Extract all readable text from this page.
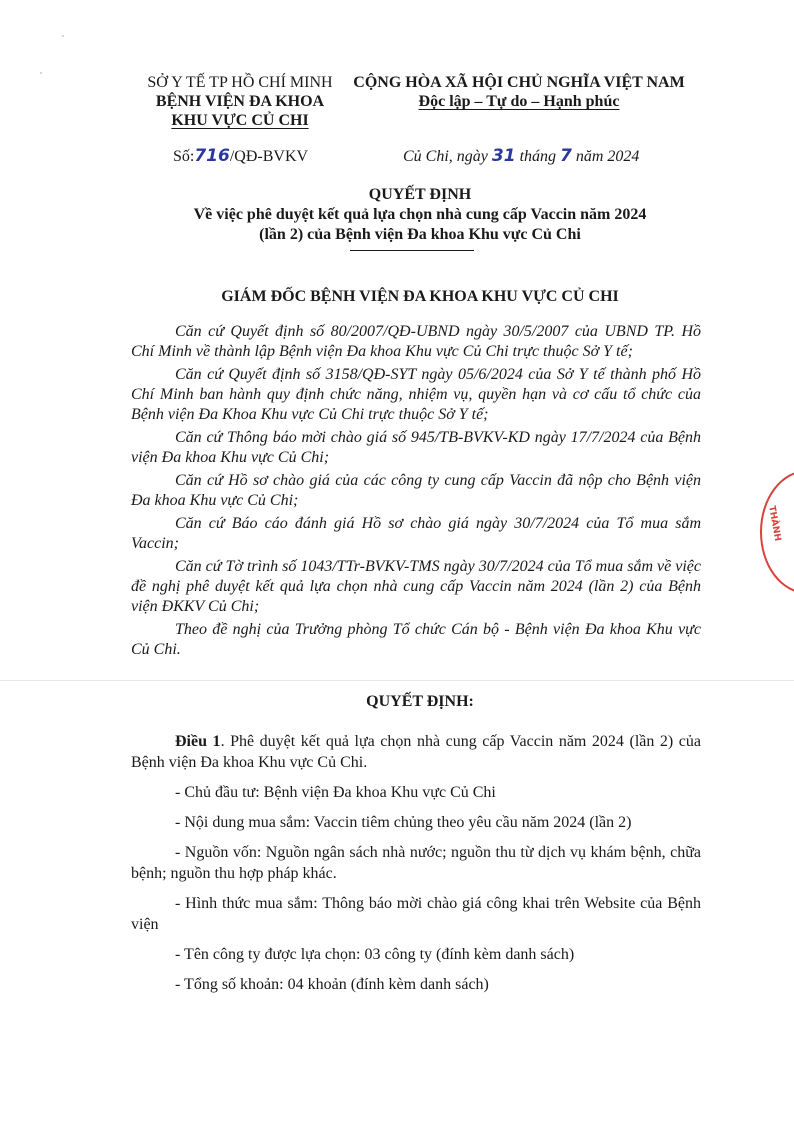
SỞ Y TẾ TP HỒ CHÍ MINH
BỆNH VIỆN ĐA KHOA
KHU VỰC CỦ CHI
Số:716/QĐ-BVKV
CỘNG HÒA XÃ HỘI CHỦ NGHĨA VIỆT NAM
Độc lập – Tự do – Hạnh phúc
Củ Chi, ngày 31 tháng 7 năm 2024
QUYẾT ĐỊNH
Về việc phê duyệt kết quả lựa chọn nhà cung cấp Vaccin năm 2024
(lần 2) của Bệnh viện Đa khoa Khu vực Củ Chi
GIÁM ĐỐC BỆNH VIỆN ĐA KHOA KHU VỰC CỦ CHI

Căn cứ Quyết định số 80/2007/QĐ-UBND ngày 30/5/2007 của UBND TP. Hồ Chí Minh về thành lập Bệnh viện Đa khoa Khu vực Củ Chi trực thuộc Sở Y tế;

Căn cứ Quyết định số 3158/QĐ-SYT ngày 05/6/2024 của Sở Y tế thành phố Hồ Chí Minh ban hành quy định chức năng, nhiệm vụ, quyền hạn và cơ cấu tổ chức của Bệnh viện Đa Khoa Khu vực Củ Chi trực thuộc Sở Y tế;

Căn cứ Thông báo mời chào giá số 945/TB-BVKV-KD ngày 17/7/2024 của Bệnh viện Đa khoa Khu vực Củ Chi;

Căn cứ Hồ sơ chào giá của các công ty cung cấp Vaccin đã nộp cho Bệnh viện Đa khoa Khu vực Củ Chi;

Căn cứ Báo cáo đánh giá Hồ sơ chào giá ngày 30/7/2024 của Tổ mua sắm Vaccin;

Căn cứ Tờ trình số 1043/TTr-BVKV-TMS ngày 30/7/2024 của Tổ mua sắm về việc đề nghị phê duyệt kết quả lựa chọn nhà cung cấp Vaccin năm 2024 (lần 2) của Bệnh viện ĐKKV Củ Chi;

Theo đề nghị của Trưởng phòng Tổ chức Cán bộ - Bệnh viện Đa khoa Khu vực Củ Chi.

QUYẾT ĐỊNH:

Điều 1. Phê duyệt kết quả lựa chọn nhà cung cấp Vaccin năm 2024 (lần 2) của Bệnh viện Đa khoa Khu vực Củ Chi.

- Chủ đầu tư: Bệnh viện Đa khoa Khu vực Củ Chi

- Nội dung mua sắm: Vaccin tiêm chủng theo yêu cầu năm 2024 (lần 2)

- Nguồn vốn: Nguồn ngân sách nhà nước; nguồn thu từ dịch vụ khám bệnh, chữa bệnh; nguồn thu hợp pháp khác.

- Hình thức mua sắm: Thông báo mời chào giá công khai trên Website của Bệnh viện

- Tên công ty được lựa chọn: 03 công ty (đính kèm danh sách)

- Tổng số khoản: 04 khoản (đính kèm danh sách)

THÀNH
